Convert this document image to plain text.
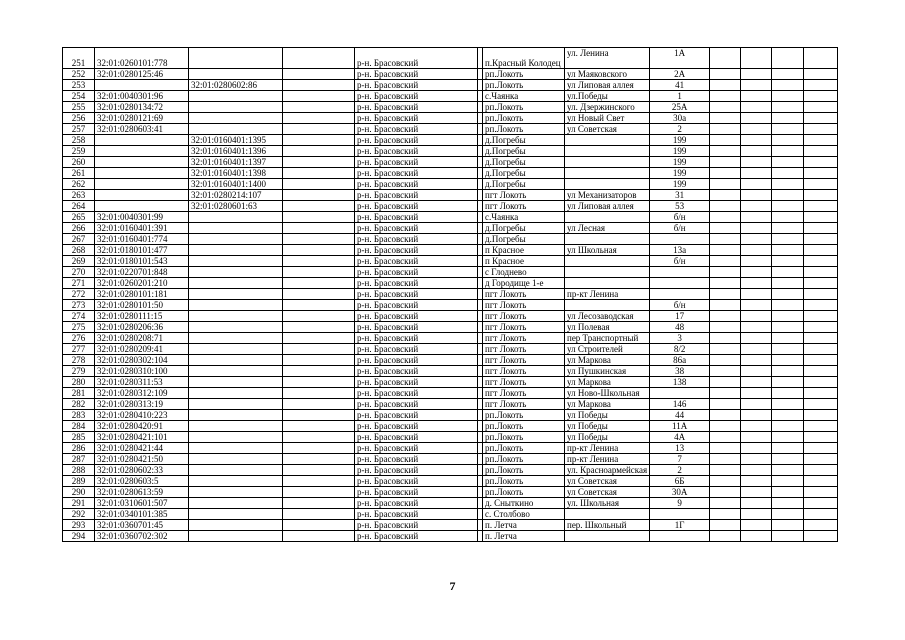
251	32:01:0260101:778			р-н. Брасовский		п.Красный Колодец	ул. Ленина	1А				
252	32:01:0280125:46			р-н. Брасовский		рп.Локоть	ул Маяковского	2А				
253		32:01:0280602:86		р-н. Брасовский		рп.Локоть	ул Липовая аллея	41				
254	32:01:0040301:96			р-н. Брасовский		с.Чаянка	ул.Победы	1				
255	32:01:0280134:72			р-н. Брасовский		рп.Локоть	ул. Дзержинского	25А				
256	32:01:0280121:69			р-н. Брасовский		рп.Локоть	ул Новый Свет	30а				
257	32:01:0280603:41			р-н. Брасовский		рп.Локоть	ул Советская	2				
258		32:01:0160401:1395		р-н. Брасовский		д.Погребы		199				
259		32:01:0160401:1396		р-н. Брасовский		д.Погребы		199				
260		32:01:0160401:1397		р-н. Брасовский		д.Погребы		199				
261		32:01:0160401:1398		р-н. Брасовский		д.Погребы		199				
262		32:01:0160401:1400		р-н. Брасовский		д.Погребы		199				
263		32:01:0280214:107		р-н. Брасовский		пгт Локоть	ул Механизаторов	31				
264		32:01:0280601:63		р-н. Брасовский		пгт Локоть	ул Липовая аллея	53				
265	32:01:0040301:99			р-н. Брасовский		с.Чаянка		б/н				
266	32:01:0160401:391			р-н. Брасовский		д.Погребы	ул Лесная	б/н				
267	32:01:0160401:774			р-н. Брасовский		д.Погребы						
268	32:01:0180101:477			р-н. Брасовский		п Красное	ул Школьная	13а				
269	32:01:0180101:543			р-н. Брасовский		п Красное		б/н				
270	32:01:0220701:848			р-н. Брасовский		с Глоднево						
271	32:01:0260201:210			р-н. Брасовский		д Городище 1-е						
272	32:01:0280101:181			р-н. Брасовский		пгт Локоть	пр-кт Ленина					
273	32:01:0280101:50			р-н. Брасовский		пгт Локоть		б/н				
274	32:01:0280111:15			р-н. Брасовский		пгт Локоть	ул Лесозаводская	17				
275	32:01:0280206:36			р-н. Брасовский		пгт Локоть	ул Полевая	48				
276	32:01:0280208:71			р-н. Брасовский		пгт Локоть	пер Транспортный	3				
277	32:01:0280209:41			р-н. Брасовский		пгт Локоть	ул Строителей	8/2				
278	32:01:0280302:104			р-н. Брасовский		пгт Локоть	ул Маркова	86а				
279	32:01:0280310:100			р-н. Брасовский		пгт Локоть	ул Пушкинская	38				
280	32:01:0280311:53			р-н. Брасовский		пгт Локоть	ул Маркова	138				
281	32:01:0280312:109			р-н. Брасовский		пгт Локоть	ул Ново-Школьная					
282	32:01:0280313:19			р-н. Брасовский		пгт Локоть	ул Маркова	146				
283	32:01:0280410:223			р-н. Брасовский		рп.Локоть	ул Победы	44				
284	32:01:0280420:91			р-н. Брасовский		рп.Локоть	ул Победы	11А				
285	32:01:0280421:101			р-н. Брасовский		рп.Локоть	ул Победы	4А				
286	32:01:0280421:44			р-н. Брасовский		рп.Локоть	пр-кт Ленина	13				
287	32:01:0280421:50			р-н. Брасовский		рп.Локоть	пр-кт Ленина	7				
288	32:01:0280602:33			р-н. Брасовский		рп.Локоть	ул. Красноармейская	2				
289	32:01:0280603:5			р-н. Брасовский		рп.Локоть	ул Советская	6Б				
290	32:01:0280613:59			р-н. Брасовский		рп.Локоть	ул Советская	30А				
291	32:01:0310601:507			р-н. Брасовский		д. Сныткино	ул. Школьная	9				
292	32:01:0340101:385			р-н. Брасовский		с. Столбово						
293	32:01:0360701:45			р-н. Брасовский		п. Летча	пер. Школьный	1Г				
294	32:01:0360702:302			р-н. Брасовский		п. Летча						
7
